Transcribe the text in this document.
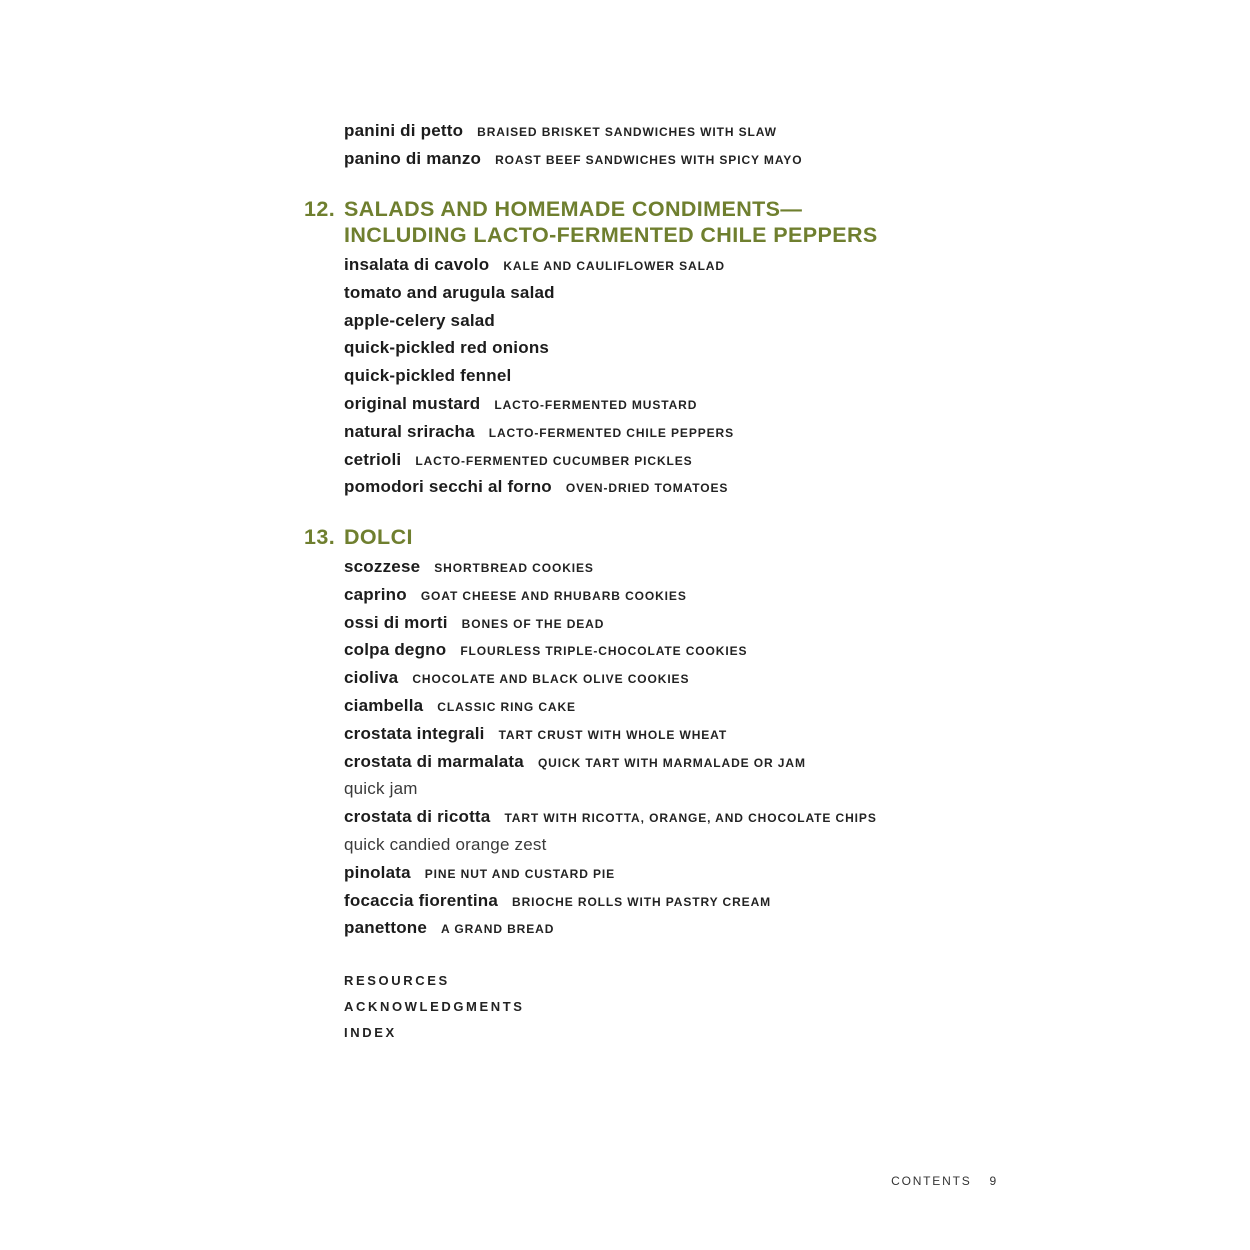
panini di petto BRAISED BRISKET SANDWICHES WITH SLAW
panino di manzo ROAST BEEF SANDWICHES WITH SPICY MAYO
12. SALADS AND HOMEMADE CONDIMENTS—
INCLUDING LACTO-FERMENTED CHILE PEPPERS
insalata di cavolo KALE AND CAULIFLOWER SALAD
tomato and arugula salad
apple-celery salad
quick-pickled red onions
quick-pickled fennel
original mustard LACTO-FERMENTED MUSTARD
natural sriracha LACTO-FERMENTED CHILE PEPPERS
cetrioli LACTO-FERMENTED CUCUMBER PICKLES
pomodori secchi al forno OVEN-DRIED TOMATOES
13. DOLCI
scozzese SHORTBREAD COOKIES
caprino GOAT CHEESE AND RHUBARB COOKIES
ossi di morti BONES OF THE DEAD
colpa degno FLOURLESS TRIPLE-CHOCOLATE COOKIES
cioliva CHOCOLATE AND BLACK OLIVE COOKIES
ciambella CLASSIC RING CAKE
crostata integrali TART CRUST WITH WHOLE WHEAT
crostata di marmalata QUICK TART WITH MARMALADE OR JAM
quick jam
crostata di ricotta TART WITH RICOTTA, ORANGE, AND CHOCOLATE CHIPS
quick candied orange zest
pinolata PINE NUT AND CUSTARD PIE
focaccia fiorentina BRIOCHE ROLLS WITH PASTRY CREAM
panettone A GRAND BREAD
RESOURCES
ACKNOWLEDGMENTS
INDEX
CONTENTS 9
